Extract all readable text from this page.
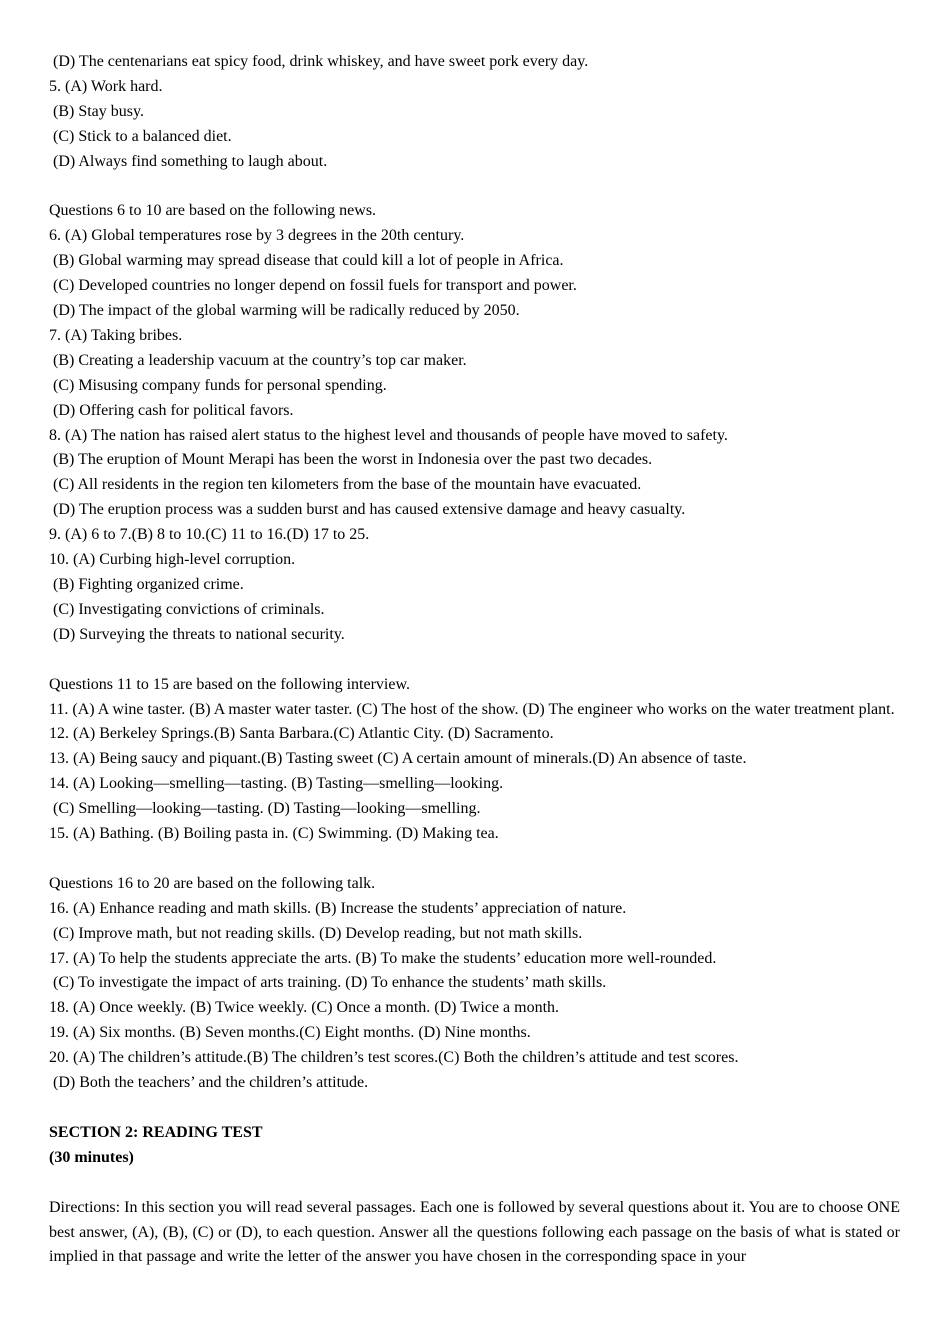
(D) The centenarians eat spicy food, drink whiskey, and have sweet pork every day.
5. (A) Work hard.
(B) Stay busy.
(C) Stick to a balanced diet.
(D) Always find something to laugh about.
Questions 6 to 10 are based on the following news.
6. (A) Global temperatures rose by 3 degrees in the 20th century.
(B) Global warming may spread disease that could kill a lot of people in Africa.
(C) Developed countries no longer depend on fossil fuels for transport and power.
(D) The impact of the global warming will be radically reduced by 2050.
7. (A) Taking bribes.
(B) Creating a leadership vacuum at the country’s top car maker.
(C) Misusing company funds for personal spending.
(D) Offering cash for political favors.
8. (A) The nation has raised alert status to the highest level and thousands of people have moved to safety.
(B) The eruption of Mount Merapi has been the worst in Indonesia over the past two decades.
(C) All residents in the region ten kilometers from the base of the mountain have evacuated.
(D) The eruption process was a sudden burst and has caused extensive damage and heavy casualty.
9. (A) 6 to 7.(B) 8 to 10.(C) 11 to 16.(D) 17 to 25.
10. (A) Curbing high-level corruption.
(B) Fighting organized crime.
(C) Investigating convictions of criminals.
(D) Surveying the threats to national security.
Questions 11 to 15 are based on the following interview.
11. (A) A wine taster. (B) A master water taster. (C) The host of the show. (D) The engineer who works on the water treatment plant.
12. (A) Berkeley Springs.(B) Santa Barbara.(C) Atlantic City. (D) Sacramento.
13. (A) Being saucy and piquant.(B) Tasting sweet (C) A certain amount of minerals.(D) An absence of taste.
14. (A) Looking—smelling—tasting. (B) Tasting—smelling—looking.
(C) Smelling—looking—tasting. (D) Tasting—looking—smelling.
15. (A) Bathing. (B) Boiling pasta in. (C) Swimming. (D) Making tea.
Questions 16 to 20 are based on the following talk.
16. (A) Enhance reading and math skills. (B) Increase the students’ appreciation of nature.
(C) Improve math, but not reading skills. (D) Develop reading, but not math skills.
17. (A) To help the students appreciate the arts. (B) To make the students’ education more well-rounded.
(C) To investigate the impact of arts training. (D) To enhance the students’ math skills.
18. (A) Once weekly. (B) Twice weekly. (C) Once a month. (D) Twice a month.
19. (A) Six months. (B) Seven months.(C) Eight months. (D) Nine months.
20. (A) The children’s attitude.(B) The children’s test scores.(C) Both the children’s attitude and test scores.
(D) Both the teachers’ and the children’s attitude.
SECTION 2: READING TEST
(30 minutes)
Directions: In this section you will read several passages. Each one is followed by several questions about it. You are to choose ONE best answer, (A), (B), (C) or (D), to each question. Answer all the questions following each passage on the basis of what is stated or implied in that passage and write the letter of the answer you have chosen in the corresponding space in your
